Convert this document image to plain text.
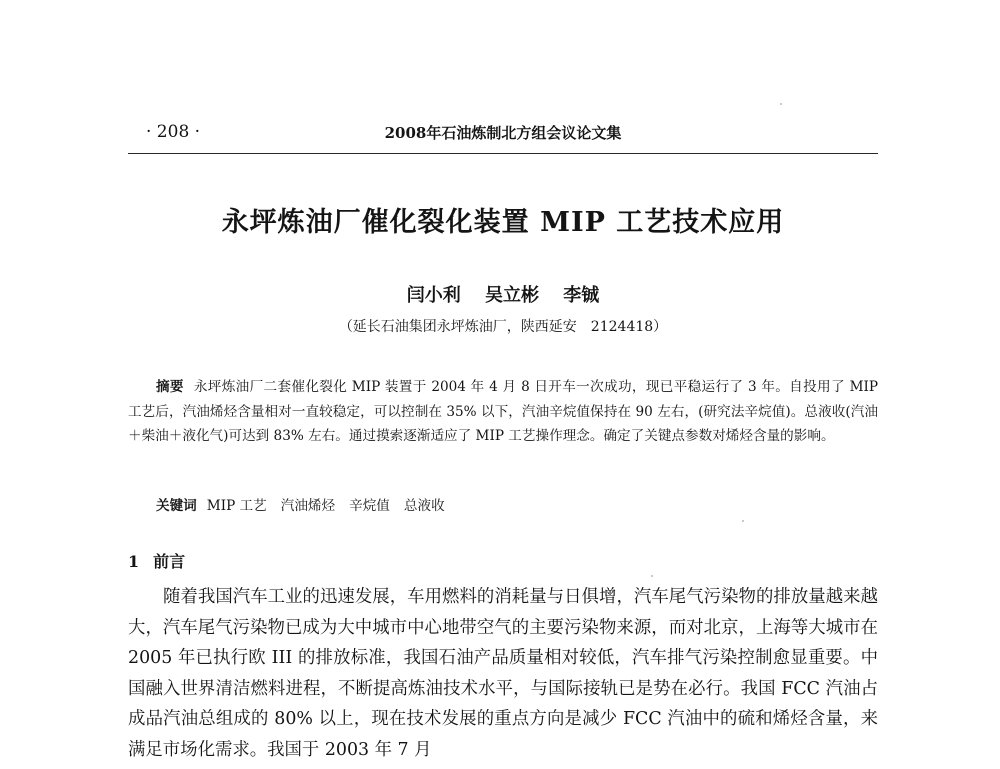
· 208 ·	2008年石油炼制北方组会议论文集
永坪炼油厂催化裂化装置 MIP 工艺技术应用
闫小利 吴立彬 李铖
（延长石油集团永坪炼油厂，陕西延安　2124418）
摘要 永坪炼油厂二套催化裂化 MIP 装置于 2004 年 4 月 8 日开车一次成功，现已平稳运行了 3 年。自投用了 MIP 工艺后，汽油烯烃含量相对一直较稳定，可以控制在 35% 以下，汽油辛烷值保持在 90 左右，(研究法辛烷值)。总液收(汽油＋柴油＋液化气)可达到 83% 左右。通过摸索逐渐适应了 MIP 工艺操作理念。确定了关键点参数对烯烃含量的影响。
关键词 MIP 工艺 汽油烯烃 辛烷值 总液收
1 前言
随着我国汽车工业的迅速发展，车用燃料的消耗量与日俱增，汽车尾气污染物的排放量越来越大，汽车尾气污染物已成为大中城市中心地带空气的主要污染物来源，而对北京，上海等大城市在 2005 年已执行欧 III 的排放标准，我国石油产品质量相对较低，汽车排气污染控制愈显重要。中国融入世界清洁燃料进程，不断提高炼油技术水平，与国际接轨已是势在必行。我国 FCC 汽油占成品汽油总组成的 80% 以上，现在技术发展的重点方向是减少 FCC 汽油中的硫和烯烃含量，来满足市场化需求。我国于 2003 年 7 月
